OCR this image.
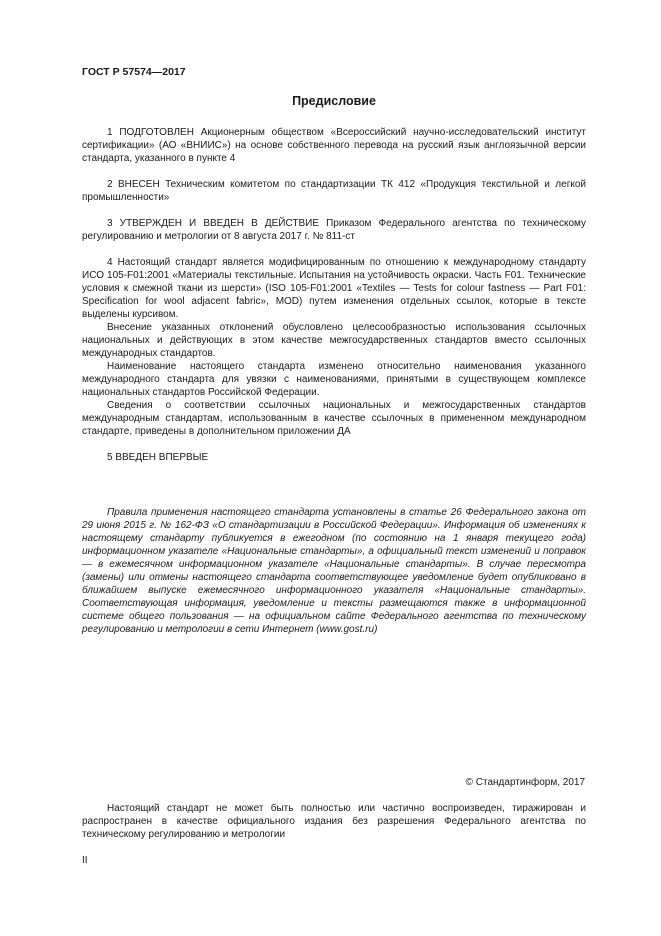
ГОСТ Р 57574—2017
Предисловие

1 ПОДГОТОВЛЕН Акционерным обществом «Всероссийский научно-исследовательский институт сертификации» (АО «ВНИИС») на основе собственного перевода на русский язык англоязычной версии стандарта, указанного в пункте 4

2 ВНЕСЕН Техническим комитетом по стандартизации ТК 412 «Продукция текстильной и легкой промышленности»

3 УТВЕРЖДЕН И ВВЕДЕН В ДЕЙСТВИЕ Приказом Федерального агентства по техническому регулированию и метрологии от 8 августа 2017 г. № 811-ст

4 Настоящий стандарт является модифицированным по отношению к международному стандарту ИСО 105-F01:2001 «Материалы текстильные. Испытания на устойчивость окраски. Часть F01. Технические условия к смежной ткани из шерсти» (ISO 105-F01:2001 «Textiles — Tests for colour fastness — Part F01: Specification for wool adjacent fabric», MOD) путем изменения отдельных ссылок, которые в тексте выделены курсивом.

Внесение указанных отклонений обусловлено целесообразностью использования ссылочных национальных и действующих в этом качестве межгосударственных стандартов вместо ссылочных международных стандартов.

Наименование настоящего стандарта изменено относительно наименования указанного международного стандарта для увязки с наименованиями, принятыми в существующем комплексе национальных стандартов Российской Федерации.

Сведения о соответствии ссылочных национальных и межгосударственных стандартов международным стандартам, использованным в качестве ссылочных в примененном международном стандарте, приведены в дополнительном приложении ДА

5 ВВЕДЕН ВПЕРВЫЕ

Правила применения настоящего стандарта установлены в статье 26 Федерального закона от 29 июня 2015 г. № 162-ФЗ «О стандартизации в Российской Федерации». Информация об изменениях к настоящему стандарту публикуется в ежегодном (по состоянию на 1 января текущего года) информационном указателе «Национальные стандарты», а официальный текст изменений и поправок — в ежемесячном информационном указателе «Национальные стандарты». В случае пересмотра (замены) или отмены настоящего стандарта соответствующее уведомление будет опубликовано в ближайшем выпуске ежемесячного информационного указателя «Национальные стандарты». Соответствующая информация, уведомление и тексты размещаются также в информационной системе общего пользования — на официальном сайте Федерального агентства по техническому регулированию и метрологии в сети Интернет (www.gost.ru)

© Стандартинформ, 2017

Настоящий стандарт не может быть полностью или частично воспроизведен, тиражирован и распространен в качестве официального издания без разрешения Федерального агентства по техническому регулированию и метрологии

II
